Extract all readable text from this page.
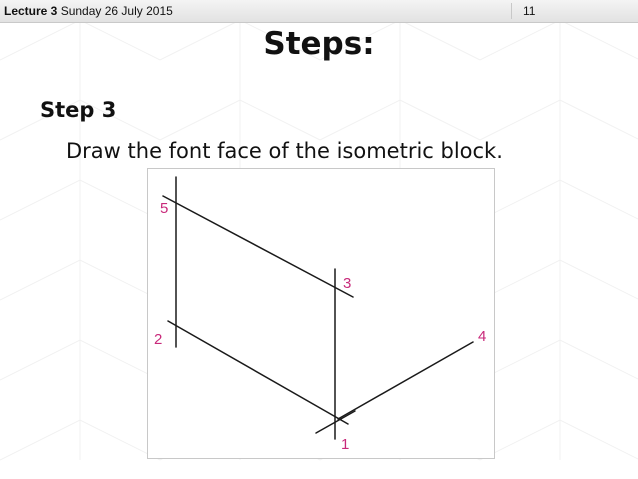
Lecture 3 Sunday 26 July 2015	11
Steps:
Step 3
Draw the font face of the isometric block.
5
3
2	4
1
